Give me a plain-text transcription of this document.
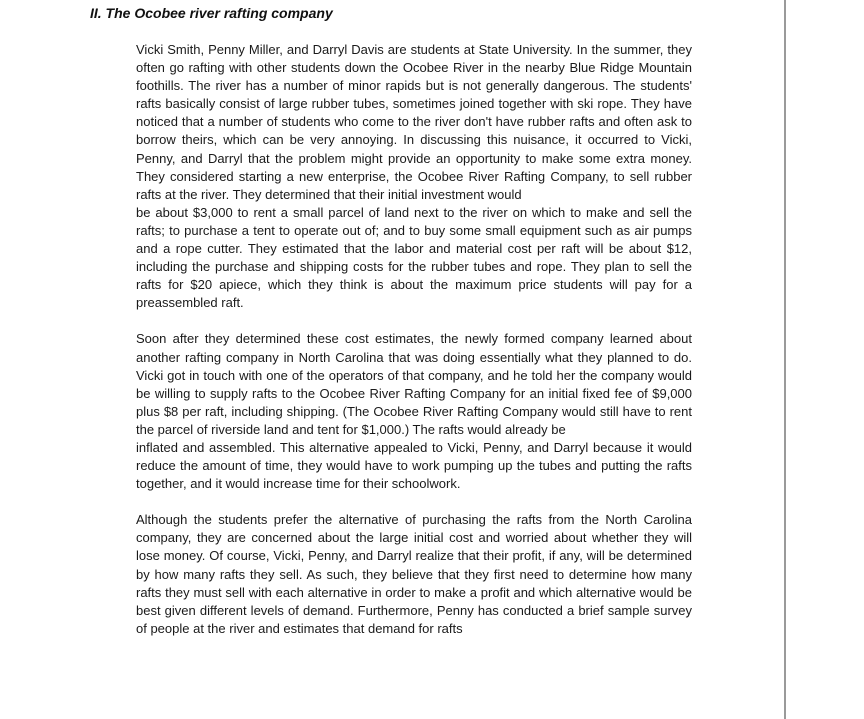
II. The Ocobee river rafting company

Vicki Smith, Penny Miller, and Darryl Davis are students at State University. In the summer, they often go rafting with other students down the Ocobee River in the nearby Blue Ridge Mountain foothills. The river has a number of minor rapids but is not generally dangerous. The students' rafts basically consist of large rubber tubes, sometimes joined together with ski rope. They have noticed that a number of students who come to the river don't have rubber rafts and often ask to borrow theirs, which can be very annoying. In discussing this nuisance, it occurred to Vicki, Penny, and Darryl that the problem might provide an opportunity to make some extra money. They considered starting a new enterprise, the Ocobee River Rafting Company, to sell rubber rafts at the river. They determined that their initial investment would

be about $3,000 to rent a small parcel of land next to the river on which to make and sell the rafts; to purchase a tent to operate out of; and to buy some small equipment such as air pumps and a rope cutter. They estimated that the labor and material cost per raft will be about $12, including the purchase and shipping costs for the rubber tubes and rope. They plan to sell the rafts for $20 apiece, which they think is about the maximum price students will pay for a preassembled raft.

Soon after they determined these cost estimates, the newly formed company learned about another rafting company in North Carolina that was doing essentially what they planned to do. Vicki got in touch with one of the operators of that company, and he told her the company would be willing to supply rafts to the Ocobee River Rafting Company for an initial fixed fee of $9,000 plus $8 per raft, including shipping. (The Ocobee River Rafting Company would still have to rent the parcel of riverside land and tent for $1,000.) The rafts would already be

inflated and assembled. This alternative appealed to Vicki, Penny, and Darryl because it would reduce the amount of time, they would have to work pumping up the tubes and putting the rafts together, and it would increase time for their schoolwork.

Although the students prefer the alternative of purchasing the rafts from the North Carolina company, they are concerned about the large initial cost and worried about whether they will lose money. Of course, Vicki, Penny, and Darryl realize that their profit, if any, will be determined by how many rafts they sell. As such, they believe that they first need to determine how many rafts they must sell with each alternative in order to make a profit and which alternative would be best given different levels of demand. Furthermore, Penny has conducted a brief sample survey of people at the river and estimates that demand for rafts
